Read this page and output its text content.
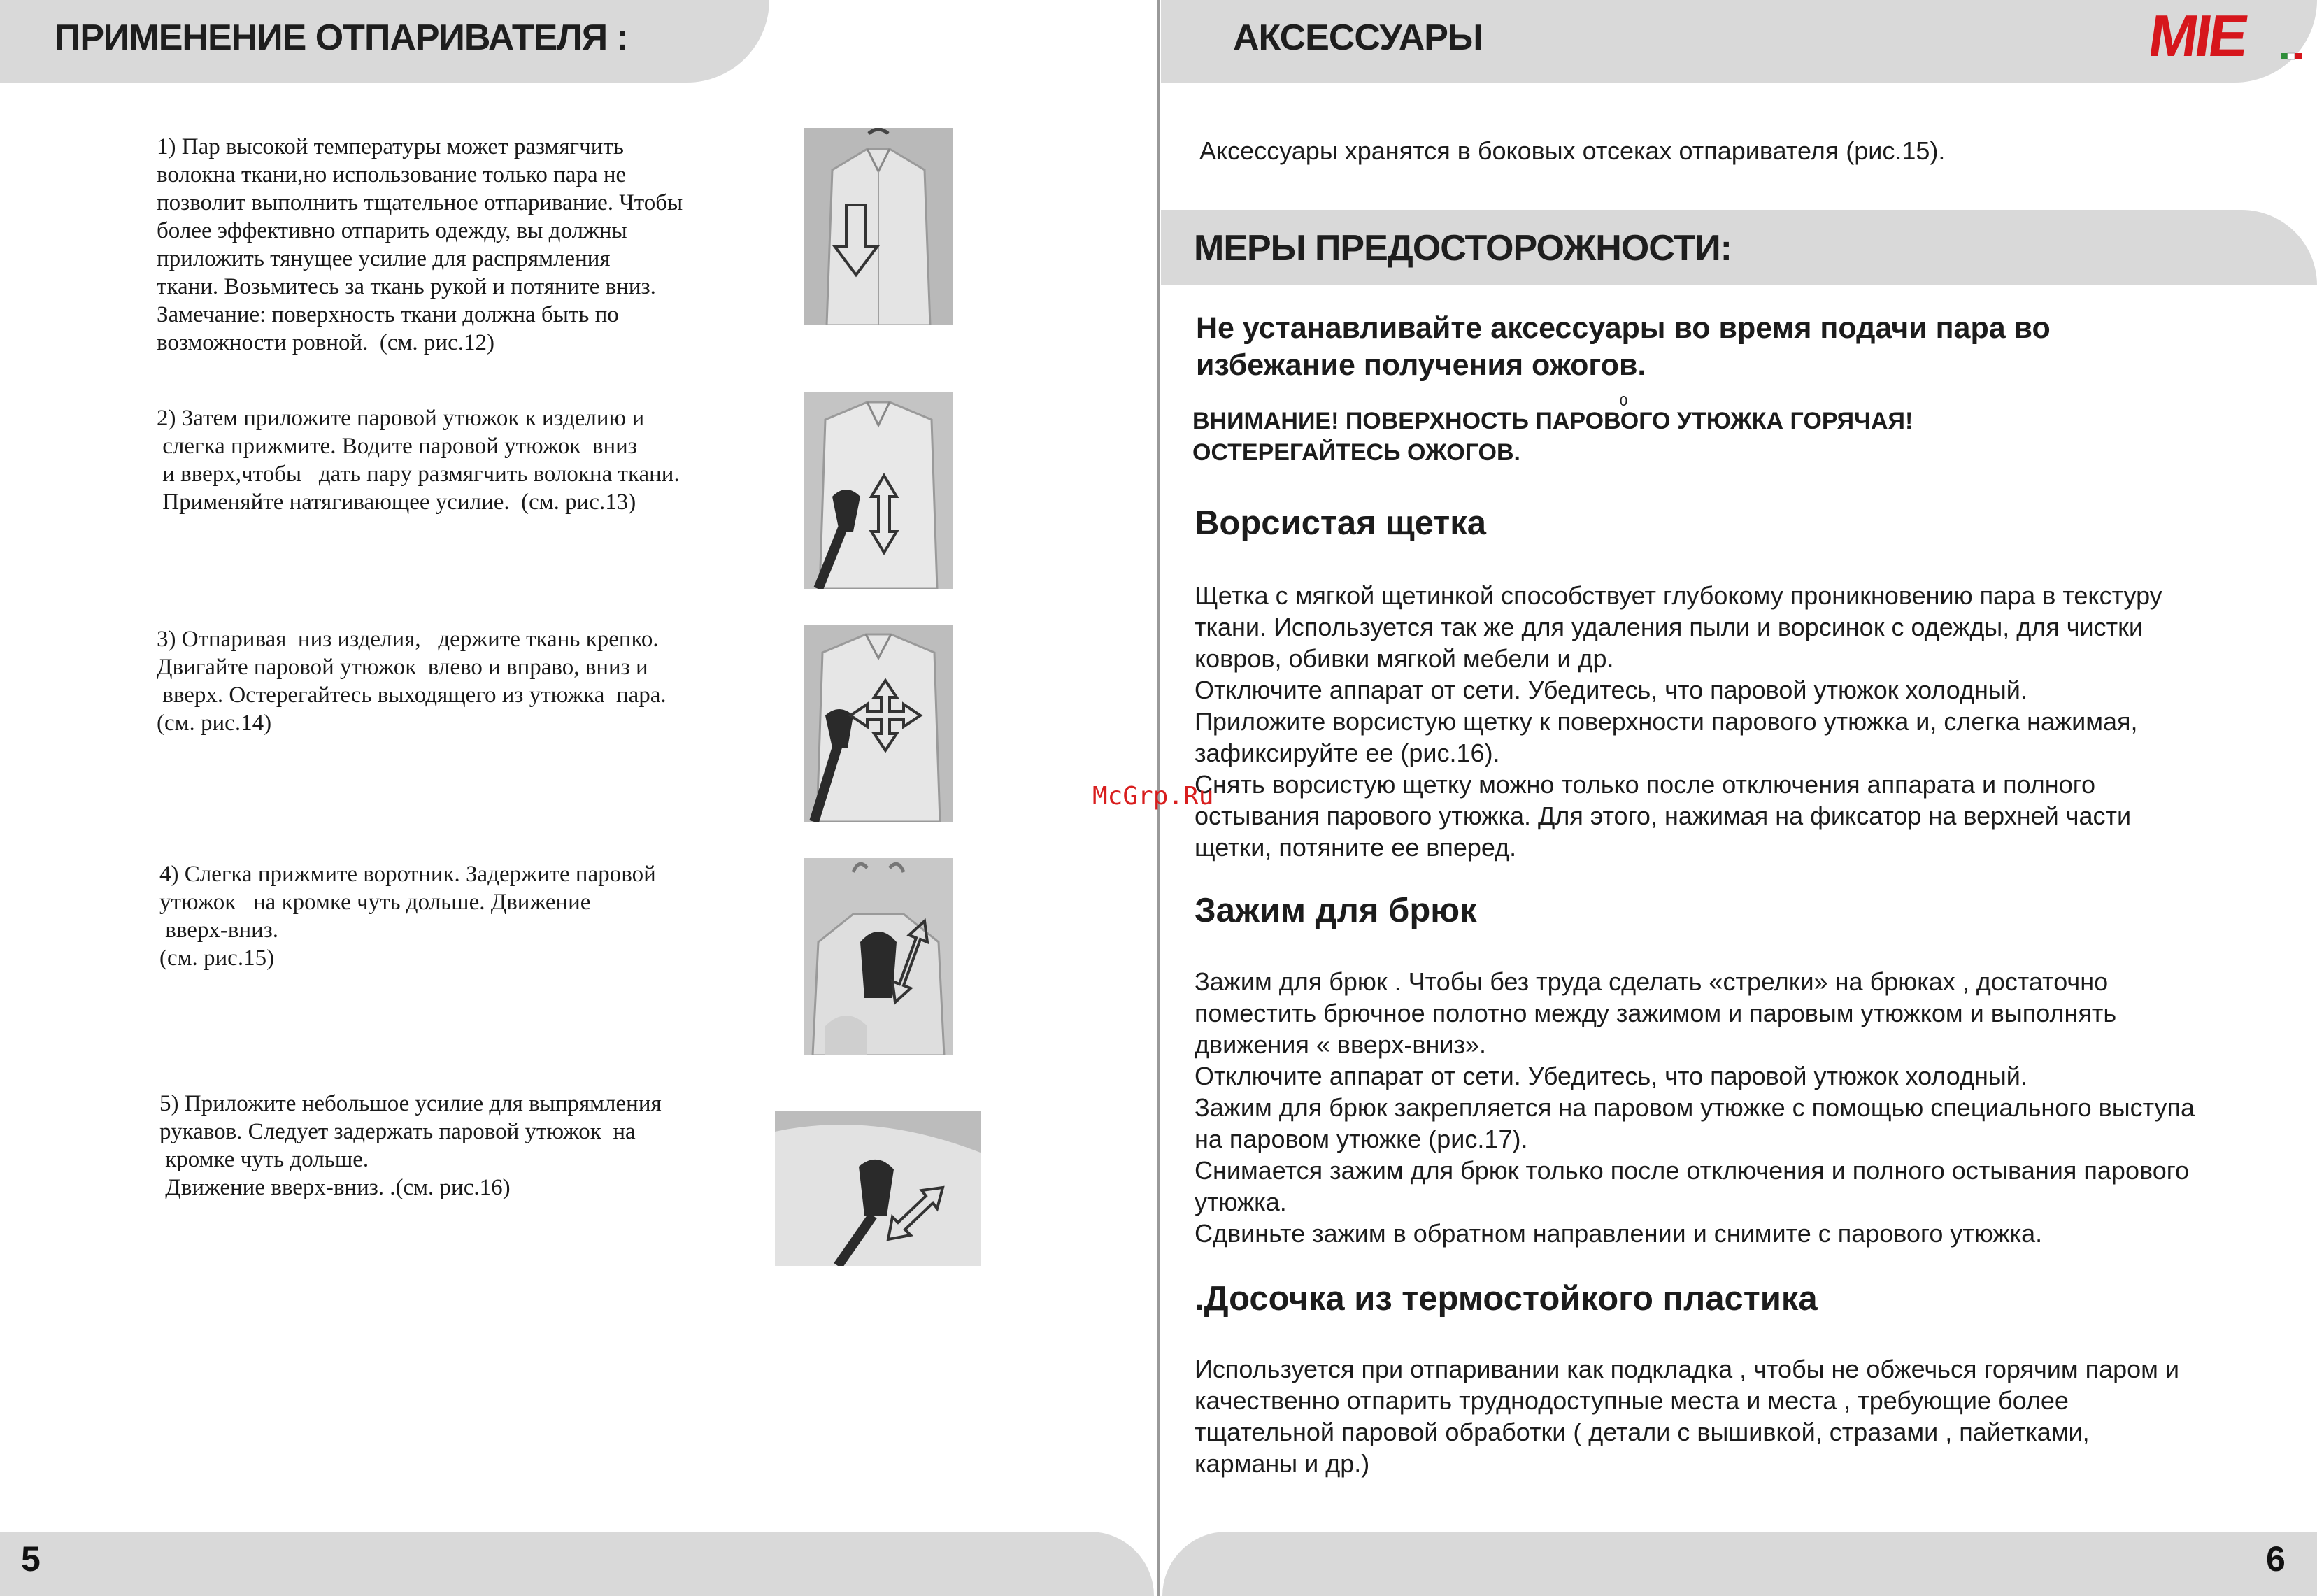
ПРИМЕНЕНИЕ ОТПАРИВАТЕЛЯ :	АКСЕССУАРЫ	MIE
1) Пар высокой температуры может размягчить
волокна ткани,но использование только пара не
позволит выполнить тщательное отпаривание. Чтобы
более эффективно отпарить одежду, вы должны
приложить тянущее усилие для распрямления
ткани. Возьмитесь за ткань рукой и потяните вниз.
Замечание: поверхность ткани должна быть по
возможности ровной.  (см. рис.12)
2) Затем приложите паровой утюжок к изделию и
слегка прижмите. Водите паровой утюжок  вниз
и вверх,чтобы   дать пару размягчить волокна ткани.
Применяйте натягивающее усилие.  (см. рис.13)
3) Отпаривая  низ изделия,   держите ткань крепко.
Двигайте паровой утюжок  влево и вправо, вниз и
вверх. Остерегайтесь выходящего из утюжка  пара.
(см. рис.14)
4) Слегка прижмите воротник. Задержите паровой
утюжок   на кромке чуть дольше. Движение
вверх-вниз.
(см. рис.15)
5) Приложите небольшое усилие для выпрямления
рукавов. Следует задержать паровой утюжок  на
кромке чуть дольше.
Движение вверх-вниз. .(см. рис.16)
Аксессуары хранятся в боковых отсеках отпаривателя (рис.15).
МЕРЫ ПРЕДОСТОРОЖНОСТИ:
Не устанавливайте аксессуары во время подачи пара во
избежание получения ожогов.
0
ВНИМАНИЕ! ПОВЕРХНОСТЬ ПАРОВОГО УТЮЖКА ГОРЯЧАЯ!
ОСТЕРЕГАЙТЕСЬ ОЖОГОВ.
Ворсистая щетка
Щетка с мягкой щетинкой способствует глубокому проникновению пара в текстуру
ткани. Используется так же для удаления пыли и ворсинок с одежды, для чистки
ковров, обивки мягкой мебели и др.
Отключите аппарат от сети. Убедитесь, что паровой утюжок холодный.
Приложите ворсистую щетку к поверхности парового утюжка и, слегка нажимая,
зафиксируйте ее (рис.16).
Снять ворсистую щетку можно только после отключения аппарата и полного
остывания парового утюжка. Для этого, нажимая на фиксатор на верхней части
щетки, потяните ее вперед.
Зажим для брюк
Зажим для брюк . Чтобы без труда сделать «стрелки» на брюках , достаточно
поместить брючное полотно между зажимом и паровым утюжком и выполнять
движения « вверх-вниз».
Отключите аппарат от сети. Убедитесь, что паровой утюжок холодный.
Зажим для брюк закрепляется на паровом утюжке с помощью специального выступа
на паровом утюжке (рис.17).
Снимается зажим для брюк только после отключения и полного остывания парового
утюжка.
Сдвиньте зажим в обратном направлении и снимите с парового утюжка.
.Досочка из термостойкого пластика
Используется при отпаривании как подкладка , чтобы не обжечься горячим паром и
качественно отпарить труднодоступные места и места , требующие более
тщательной паровой обработки ( детали с вышивкой, стразами , пайетками,
карманы и др.)
McGrp.Ru
5	6
